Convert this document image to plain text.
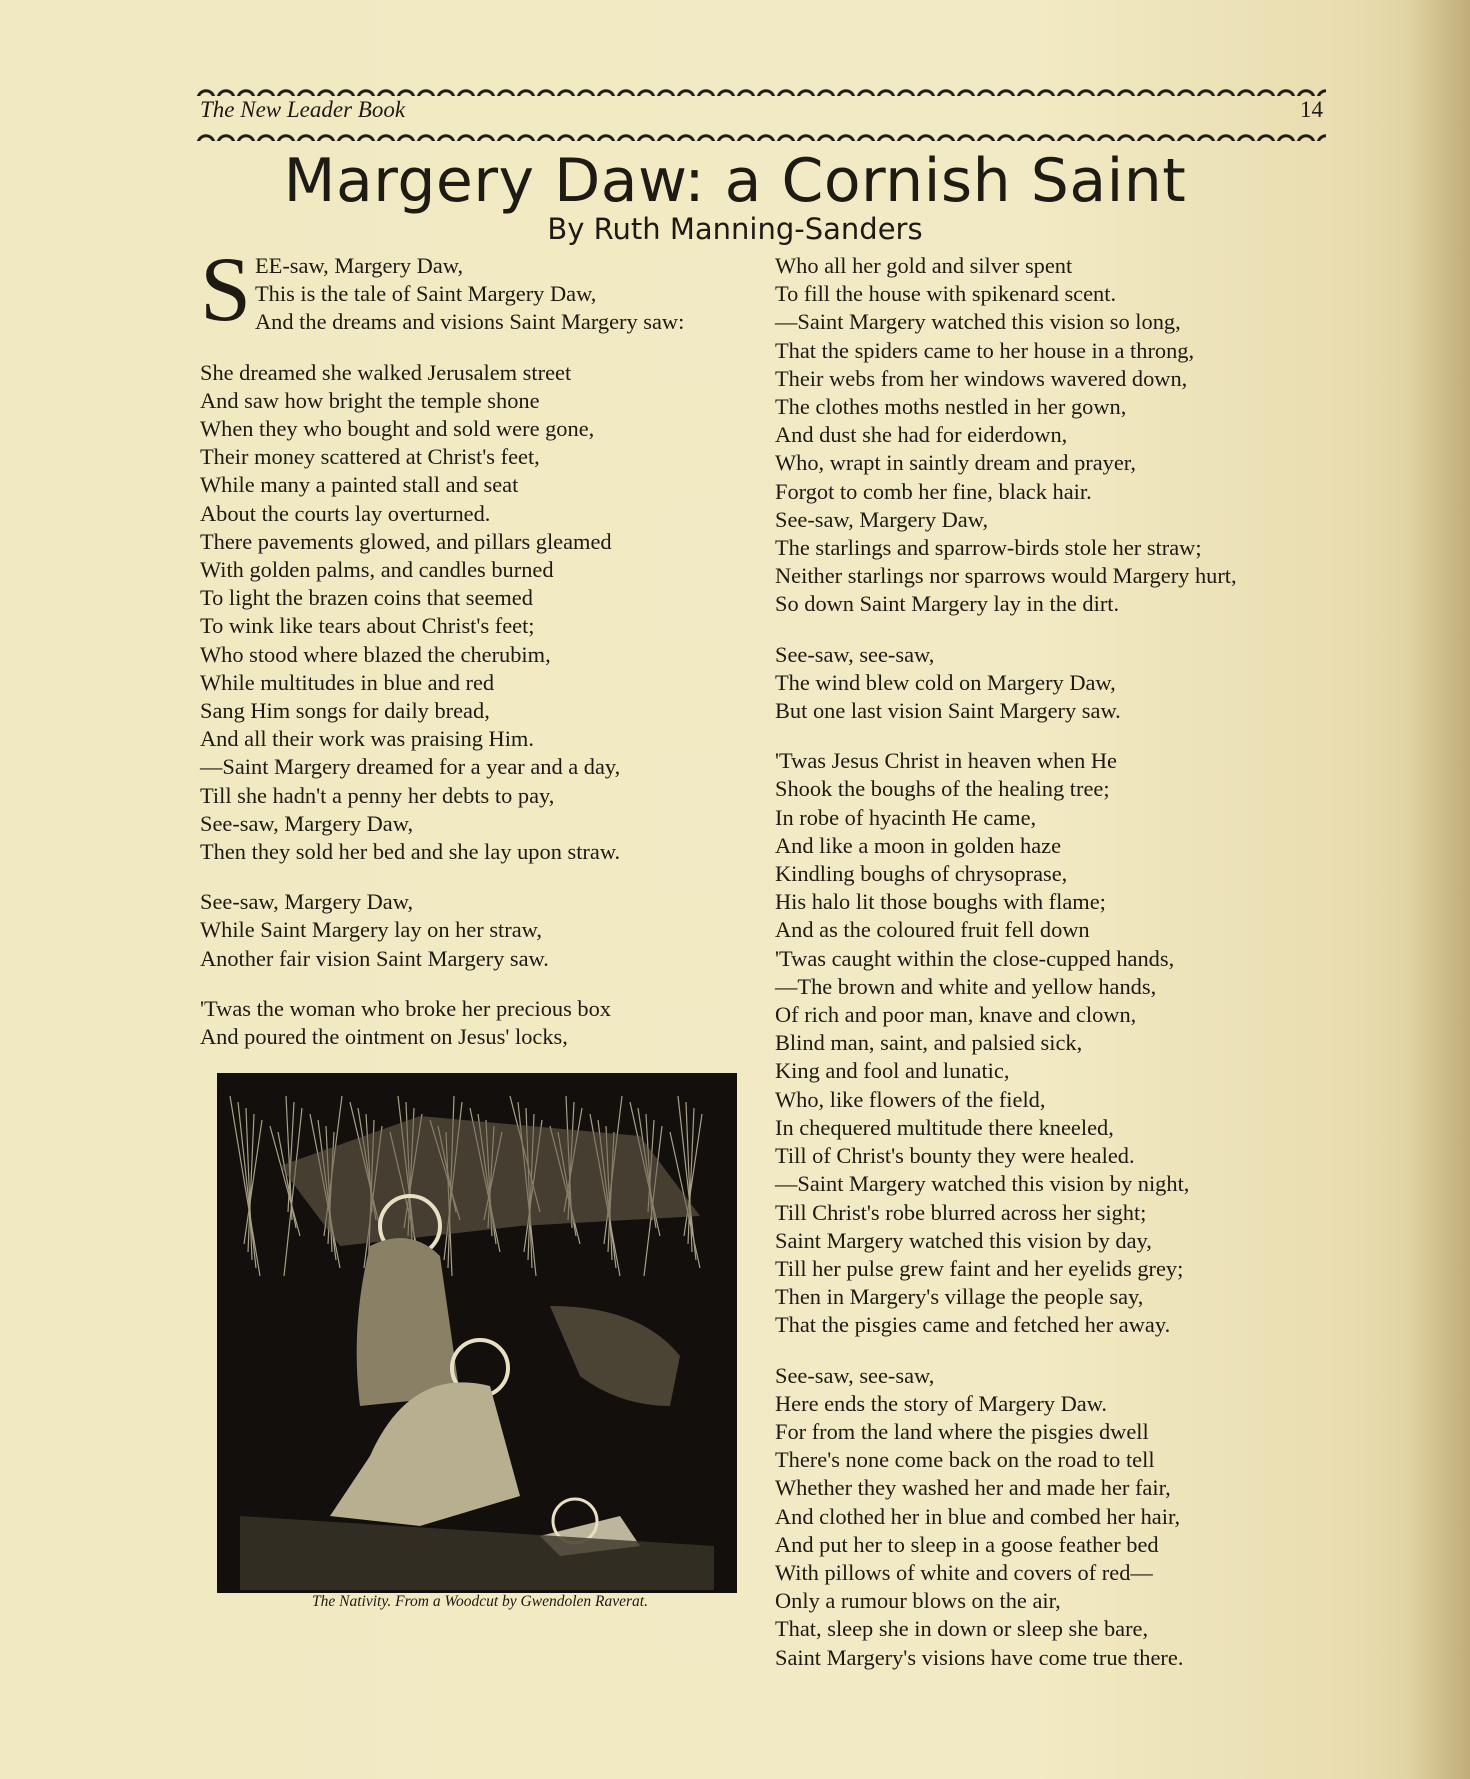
The New Leader Book	14
Margery Daw: a Cornish Saint
By Ruth Manning-Sanders
S EE-saw, Margery Daw,
This is the tale of Saint Margery Daw,
And the dreams and visions Saint Margery saw:
She dreamed she walked Jerusalem street
And saw how bright the temple shone
When they who bought and sold were gone,
Their money scattered at Christ's feet,
While many a painted stall and seat
About the courts lay overturned.
There pavements glowed, and pillars gleamed
With golden palms, and candles burned
To light the brazen coins that seemed
To wink like tears about Christ's feet;
Who stood where blazed the cherubim,
While multitudes in blue and red
Sang Him songs for daily bread,
And all their work was praising Him.
—Saint Margery dreamed for a year and a day,
Till she hadn't a penny her debts to pay,
See-saw, Margery Daw,
Then they sold her bed and she lay upon straw.
See-saw, Margery Daw,
While Saint Margery lay on her straw,
Another fair vision Saint Margery saw.
'Twas the woman who broke her precious box
And poured the ointment on Jesus' locks,
The Nativity. From a Woodcut by Gwendolen Raverat.
Who all her gold and silver spent
To fill the house with spikenard scent.
—Saint Margery watched this vision so long,
That the spiders came to her house in a throng,
Their webs from her windows wavered down,
The clothes moths nestled in her gown,
And dust she had for eiderdown,
Who, wrapt in saintly dream and prayer,
Forgot to comb her fine, black hair.
See-saw, Margery Daw,
The starlings and sparrow-birds stole her straw;
Neither starlings nor sparrows would Margery hurt,
So down Saint Margery lay in the dirt.
See-saw, see-saw,
The wind blew cold on Margery Daw,
But one last vision Saint Margery saw.
'Twas Jesus Christ in heaven when He
Shook the boughs of the healing tree;
In robe of hyacinth He came,
And like a moon in golden haze
Kindling boughs of chrysoprase,
His halo lit those boughs with flame;
And as the coloured fruit fell down
'Twas caught within the close-cupped hands,
—The brown and white and yellow hands,
Of rich and poor man, knave and clown,
Blind man, saint, and palsied sick,
King and fool and lunatic,
Who, like flowers of the field,
In chequered multitude there kneeled,
Till of Christ's bounty they were healed.
—Saint Margery watched this vision by night,
Till Christ's robe blurred across her sight;
Saint Margery watched this vision by day,
Till her pulse grew faint and her eyelids grey;
Then in Margery's village the people say,
That the pisgies came and fetched her away.
See-saw, see-saw,
Here ends the story of Margery Daw.
For from the land where the pisgies dwell
There's none come back on the road to tell
Whether they washed her and made her fair,
And clothed her in blue and combed her hair,
And put her to sleep in a goose feather bed
With pillows of white and covers of red—
Only a rumour blows on the air,
That, sleep she in down or sleep she bare,
Saint Margery's visions have come true there.
